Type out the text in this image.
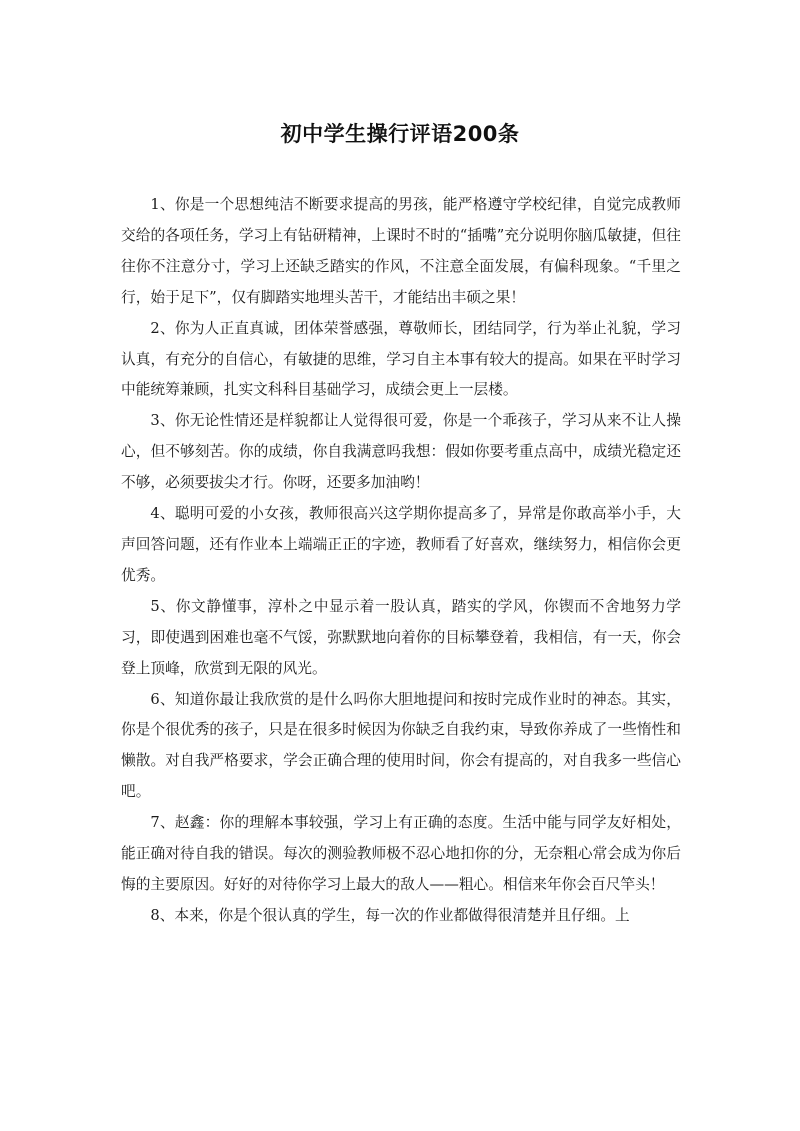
初中学生操行评语200条

1、你是一个思想纯洁不断要求提高的男孩，能严格遵守学校纪律，自觉完成教师交给的各项任务，学习上有钻研精神，上课时不时的“插嘴”充分说明你脑瓜敏捷，但往往你不注意分寸，学习上还缺乏踏实的作风，不注意全面发展，有偏科现象。“千里之行，始于足下”，仅有脚踏实地埋头苦干，才能结出丰硕之果！

2、你为人正直真诚，团体荣誉感强，尊敬师长，团结同学，行为举止礼貌，学习认真，有充分的自信心，有敏捷的思维，学习自主本事有较大的提高。如果在平时学习中能统筹兼顾，扎实文科科目基础学习，成绩会更上一层楼。

3、你无论性情还是样貌都让人觉得很可爱，你是一个乖孩子，学习从来不让人操心，但不够刻苦。你的成绩，你自我满意吗我想：假如你要考重点高中，成绩光稳定还不够，必须要拔尖才行。你呀，还要多加油哟！

4、聪明可爱的小女孩，教师很高兴这学期你提高多了，异常是你敢高举小手，大声回答问题，还有作业本上端端正正的字迹，教师看了好喜欢，继续努力，相信你会更优秀。

5、你文静懂事，淳朴之中显示着一股认真，踏实的学风，你锲而不舍地努力学习，即使遇到困难也毫不气馁，弥默默地向着你的目标攀登着，我相信，有一天，你会登上顶峰，欣赏到无限的风光。

6、知道你最让我欣赏的是什么吗你大胆地提问和按时完成作业时的神态。其实，你是个很优秀的孩子，只是在很多时候因为你缺乏自我约束，导致你养成了一些惰性和懒散。对自我严格要求，学会正确合理的使用时间，你会有提高的，对自我多一些信心吧。

7、赵鑫：你的理解本事较强，学习上有正确的态度。生活中能与同学友好相处，能正确对待自我的错误。每次的测验教师极不忍心地扣你的分，无奈粗心常会成为你后悔的主要原因。好好的对待你学习上最大的敌人——粗心。相信来年你会百尺竿头！

8、本来，你是个很认真的学生，每一次的作业都做得很清楚并且仔细。上
